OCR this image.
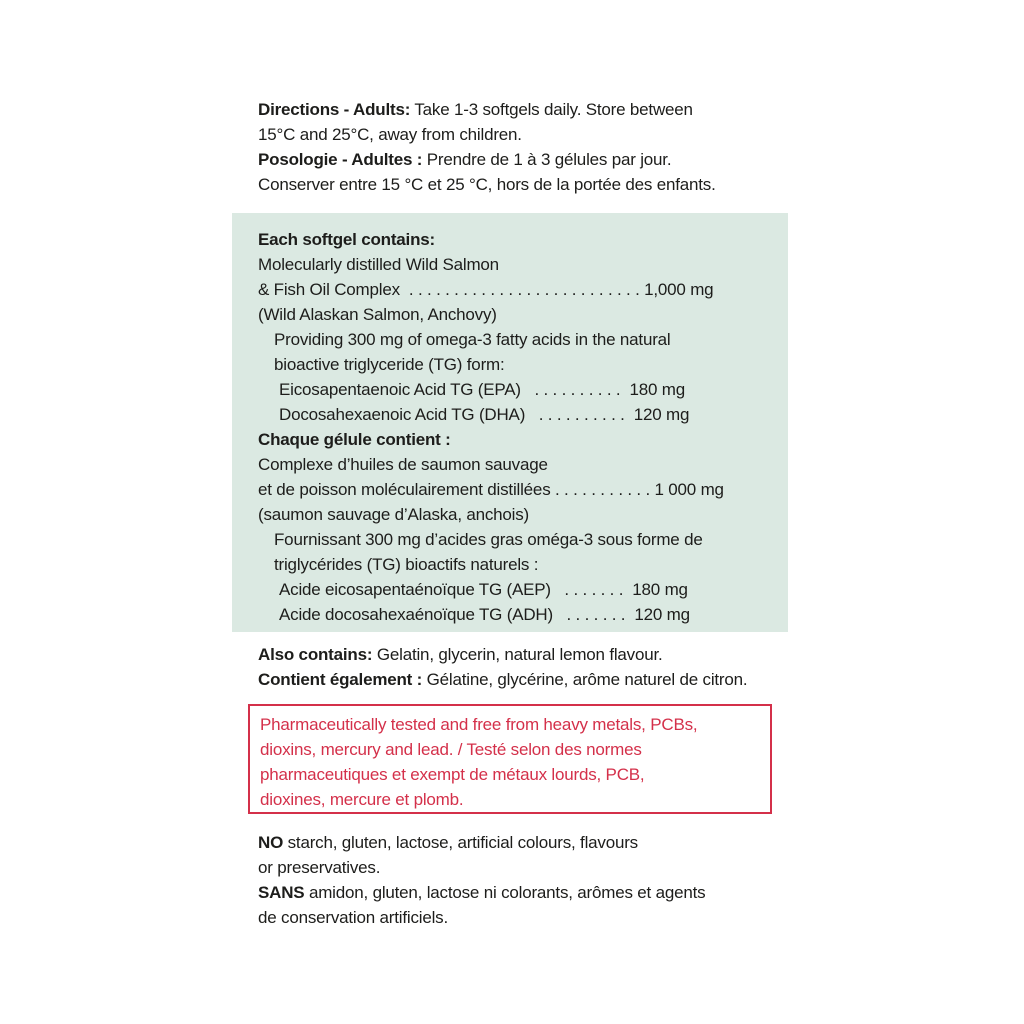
Directions - Adults: Take 1-3 softgels daily. Store between
15°C and 25°C, away from children.
Posologie - Adultes : Prendre de 1 à 3 gélules par jour.
Conserver entre 15 °C et 25 °C, hors de la portée des enfants.
Each softgel contains:
Molecularly distilled Wild Salmon
& Fish Oil Complex  . . . . . . . . . . . . . . . . . . . . . . . . . . 1,000 mg
(Wild Alaskan Salmon, Anchovy)
Providing 300 mg of omega-3 fatty acids in the natural
bioactive triglyceride (TG) form:
Eicosapentaenoic Acid TG (EPA)   . . . . . . . . . .  180 mg
Docosahexaenoic Acid TG (DHA)   . . . . . . . . . .  120 mg
Chaque gélule contient :
Complexe d’huiles de saumon sauvage
et de poisson moléculairement distillées . . . . . . . . . . . 1 000 mg
(saumon sauvage d’Alaska, anchois)
Fournissant 300 mg d’acides gras oméga-3 sous forme de
triglycérides (TG) bioactifs naturels :
Acide eicosapentaénoïque TG (AEP)   . . . . . . .  180 mg
Acide docosahexaénoïque TG (ADH)   . . . . . . .  120 mg
Also contains: Gelatin, glycerin, natural lemon flavour.
Contient également : Gélatine, glycérine, arôme naturel de citron.
Pharmaceutically tested and free from heavy metals, PCBs,
dioxins, mercury and lead. / Testé selon des normes
pharmaceutiques et exempt de métaux lourds, PCB,
dioxines, mercure et plomb.
NO starch, gluten, lactose, artificial colours, flavours
or preservatives.
SANS amidon, gluten, lactose ni colorants, arômes et agents
de conservation artificiels.
